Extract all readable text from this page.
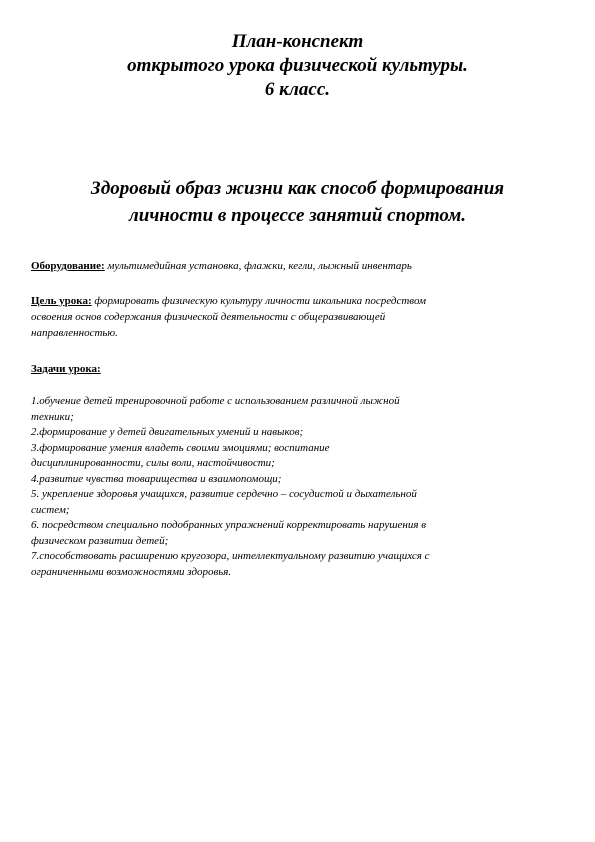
План-конспект
открытого урока физической культуры.
6 класс.
Здоровый образ жизни как способ формирования
личности в процессе занятий спортом.
Оборудование: мультимедийная установка, флажки, кегли, лыжный инвентарь
Цель урока: формировать физическую культуру личности школьника посредством
освоения основ содержания физической деятельности с общеразвивающей
направленностью.
Задачи урока:
1.обучение детей тренировочной работе с использованием различной лыжной
техники;
2.формирование у детей двигательных умений и навыков;
3.формирование умения владеть своими эмоциями; воспитание
дисциплинированности, силы воли, настойчивости;
4.развитие чувства товарищества и взаимопомощи;
5. укрепление здоровья учащихся, развитие сердечно – сосудистой и дыхательной
систем;
6. посредством специально подобранных упражнений корректировать нарушения в
физическом развитии детей;
7.способствовать расширению кругозора, интеллектуальному развитию учащихся с
ограниченными возможностями здоровья.
